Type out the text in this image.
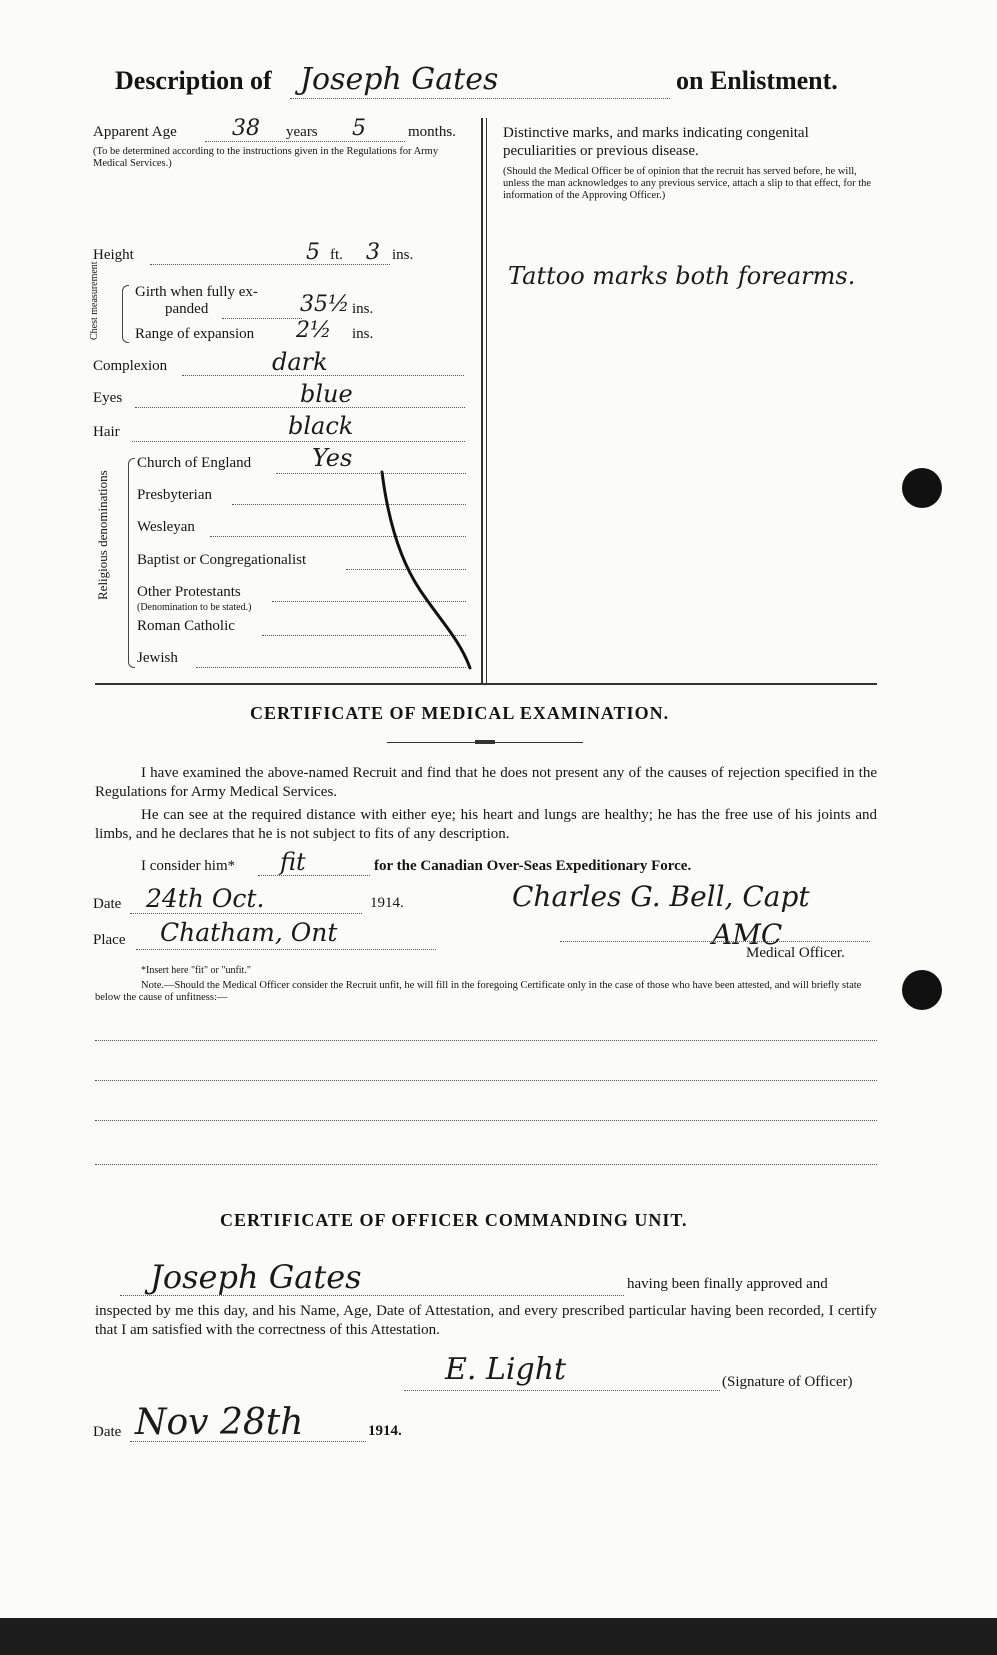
Description of Joseph Gates	on Enlistment.
Apparent Age	38 years 5	months.
(To be determined according to the instructions given in the Regulations for Army Medical Services.)
Height	5 ft. 3 ins.
Chest measurement Girth when fully ex-
panded	35½ ins.
Range of expansion 2½ ins.
Complexion	dark
Eyes	blue
Hair	black
Religious denominations
Church of England	Yes
Presbyterian
Wesleyan
Baptist or Congregationalist
Other Protestants
(Denomination to be stated.)
Roman Catholic
Jewish
Distinctive marks, and marks indicating congenital peculiarities or previous disease.
(Should the Medical Officer be of opinion that the recruit has served before, he will, unless the man acknowledges to any previous service, attach a slip to that effect, for the information of the Approving Officer.)
Tattoo marks both forearms.
CERTIFICATE OF MEDICAL EXAMINATION.
I have examined the above-named Recruit and find that he does not present any of the causes of rejection specified in the Regulations for Army Medical Services.
He can see at the required distance with either eye; his heart and lungs are healthy; he has the free use of his joints and limbs, and he declares that he is not subject to fits of any description.
I consider him* fit	for the Canadian Over-Seas Expeditionary Force.
Date 24th Oct.	1914.
Place Chatham, Ont
Charles G. Bell, Capt
AMC
Medical Officer.
*Insert here "fit" or "unfit."
Note.—Should the Medical Officer consider the Recruit unfit, he will fill in the foregoing Certificate only in the case of those who have been attested, and will briefly state below the cause of unfitness:—
CERTIFICATE OF OFFICER COMMANDING UNIT.
Joseph Gates	having been finally approved and
inspected by me this day, and his Name, Age, Date of Attestation, and every prescribed particular having been recorded, I certify that I am satisfied with the correctness of this Attestation.
E. Light	(Signature of Officer)
Date Nov 28th	1914.
